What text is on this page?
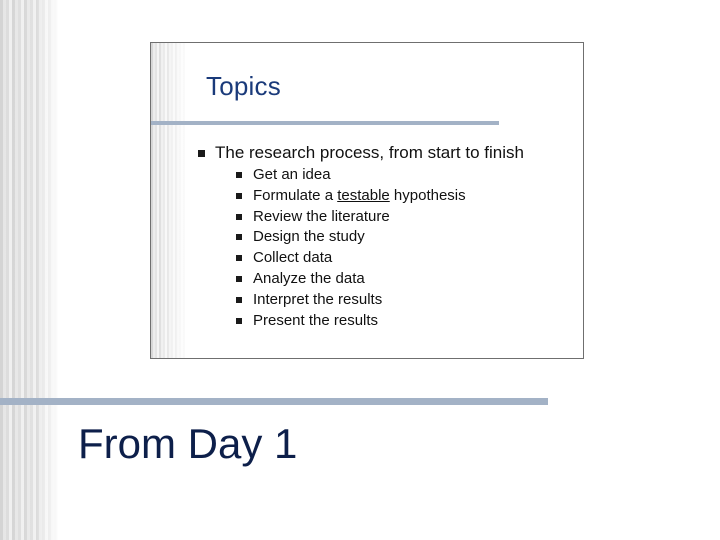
Topics
The research process, from start to finish
Get an idea
Formulate a testable hypothesis
Review the literature
Design the study
Collect data
Analyze the data
Interpret the results
Present the results
From Day 1
